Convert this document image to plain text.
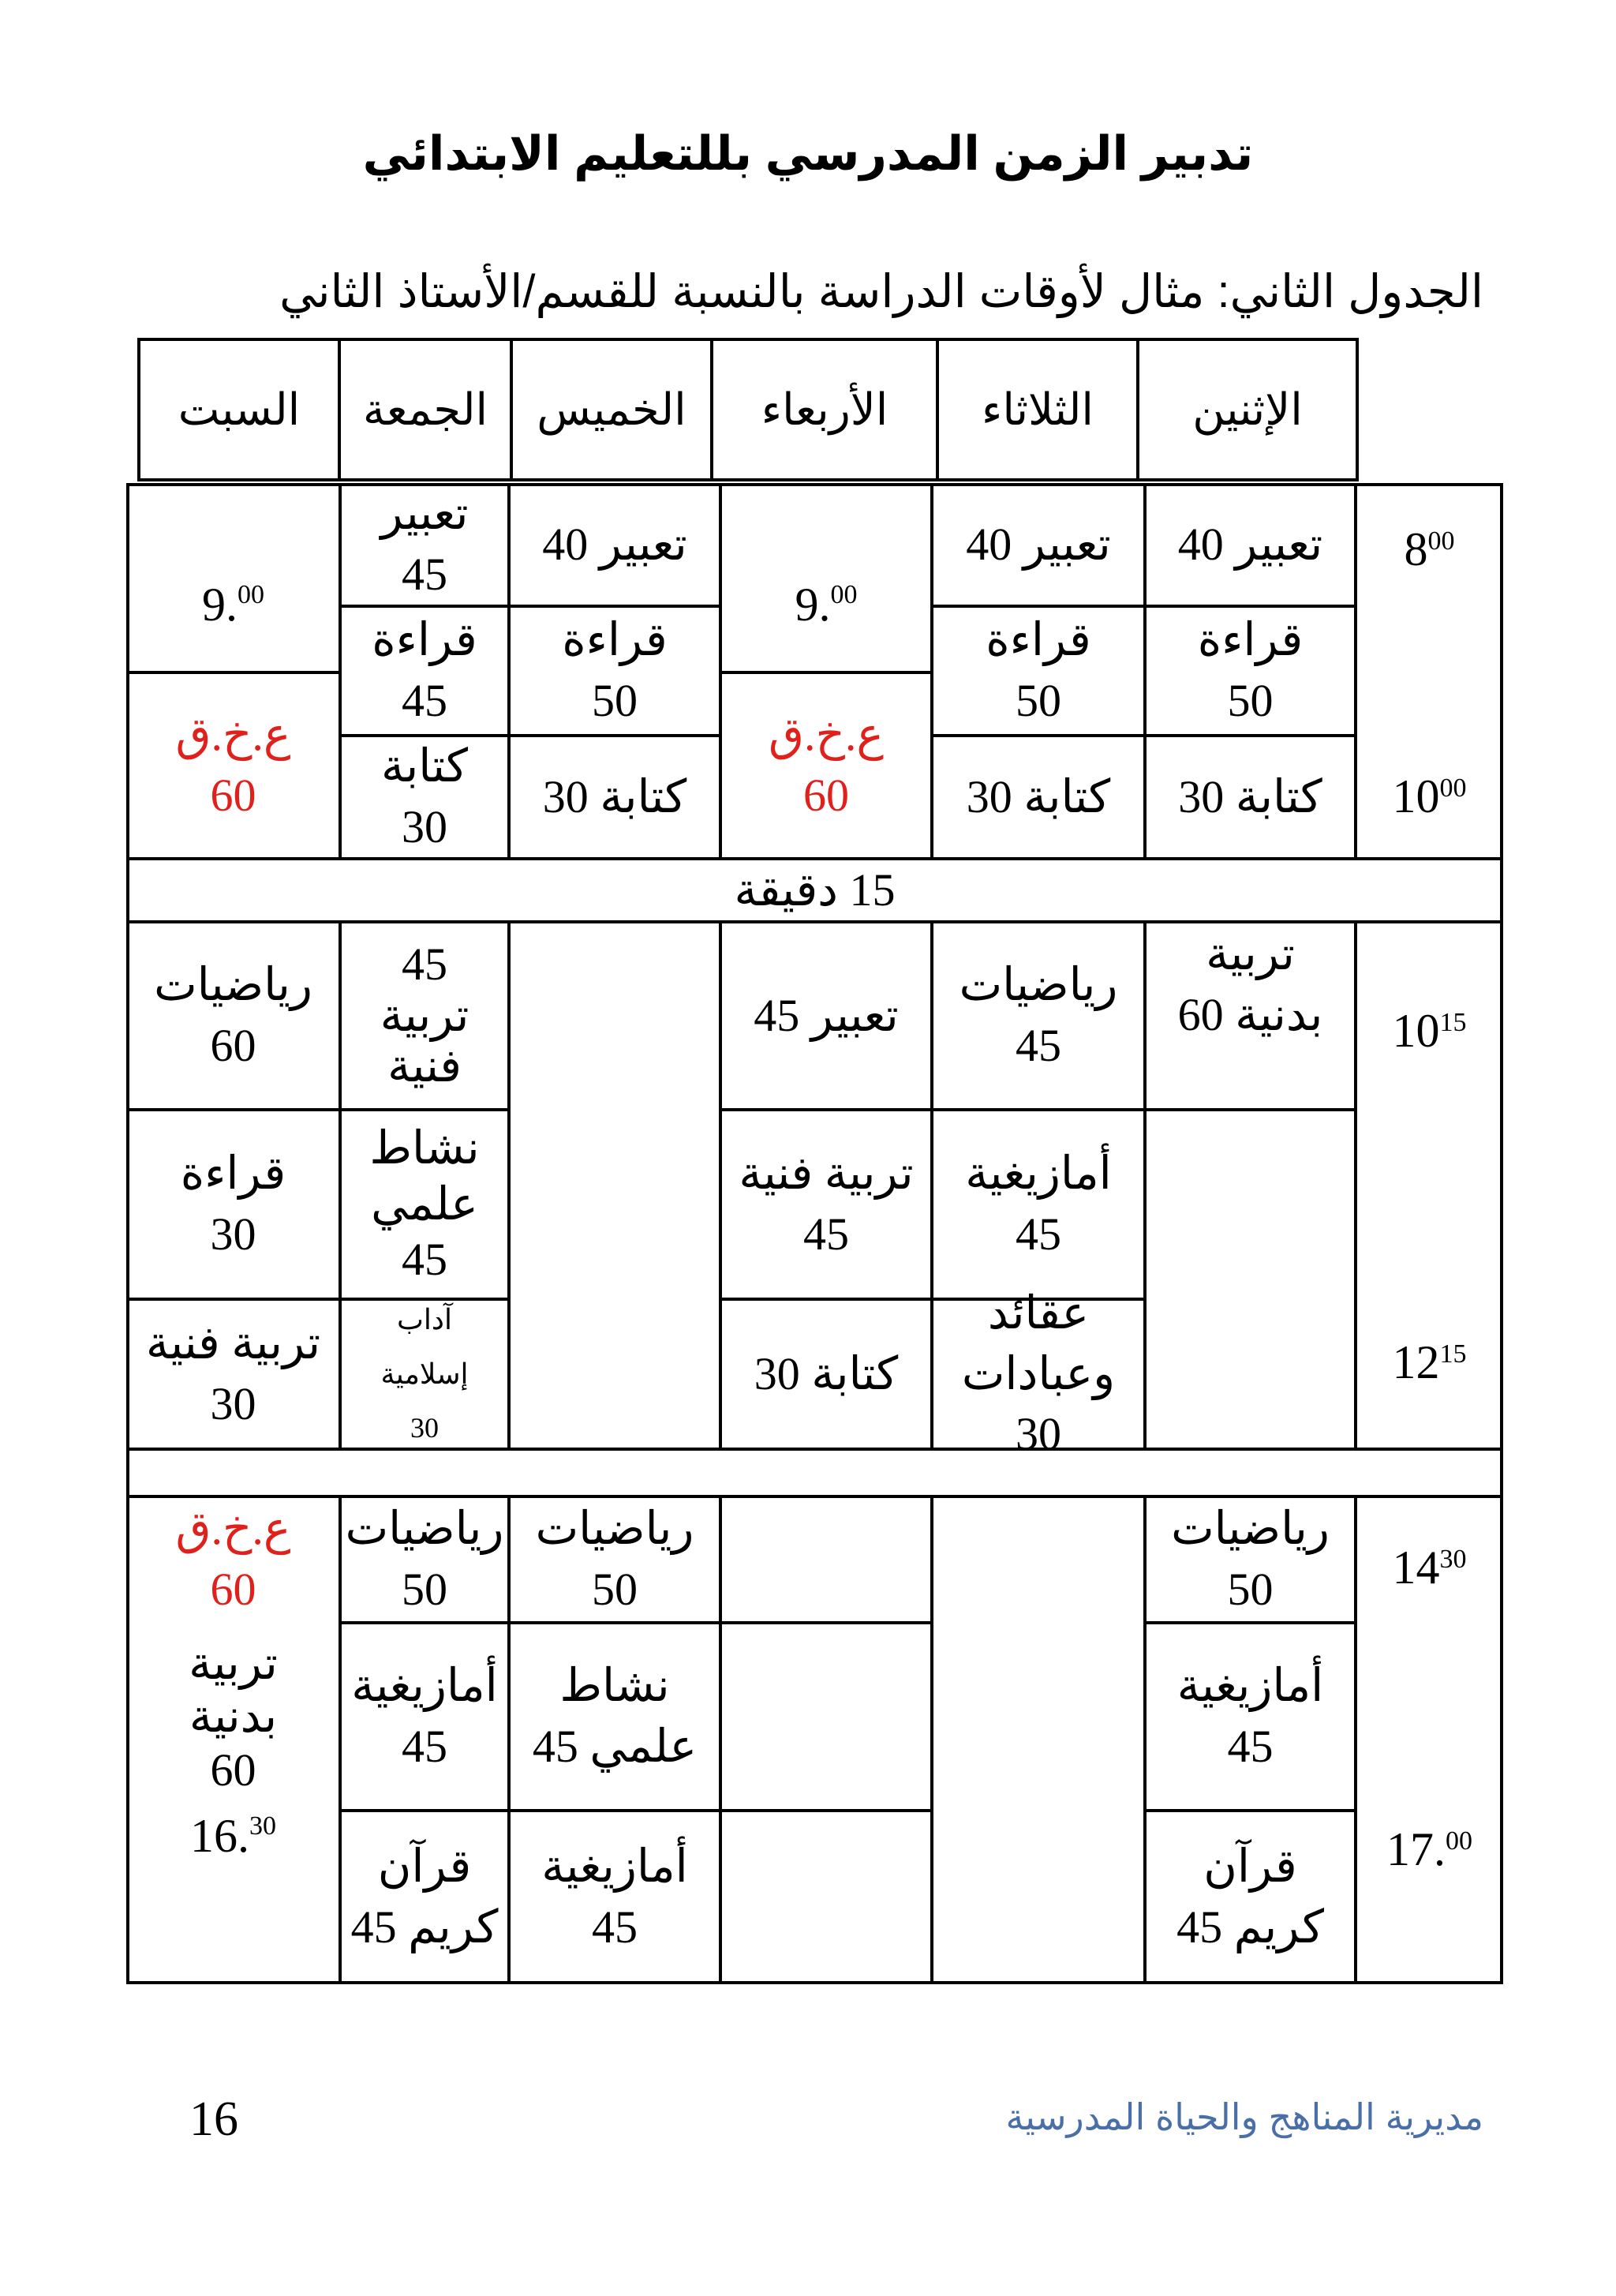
تدبير الزمن المدرسي بللتعليم الابتدائي
الجدول الثاني: مثال لأوقات الدراسة بالنسبة للقسم/الأستاذ الثاني
الإثنين
الثلاثاء
الأربعاء
الخميس
الجمعة
السبت
$8^{00}$
$10^{00}$
$10^{15}$
$12^{15}$
$14^{30}$
17.00
تعبير 40
قراءة
50
كتابة 30
تربية
بدنية 60
رياضيات
50
أمازيغية
45
قرآن
كريم 45
تعبير 40
قراءة
50
كتابة 30
رياضيات
45
أمازيغية
45
عقائد
وعبادات
30
9.00
ع.خ.ق
60
تعبير 45
تربية فنية
45
كتابة 30
رياضيات
50
نشاط
علمي 45
أمازيغية
45
تعبير 40
قراءة
50
كتابة 30
رياضيات
50
أمازيغية
45
قرآن
كريم 45
تعبير
45
قراءة
45
كتابة
30
45
تربية
فنية
نشاط
علمي
45
آداب
إسلامية
30
ع.خ.ق
60
تربية
بدنية
60
16.30
9.00
ع.خ.ق
60
رياضيات
60
قراءة
30
تربية فنية
30
15 دقيقة
مديرية المناهج والحياة المدرسية
16
